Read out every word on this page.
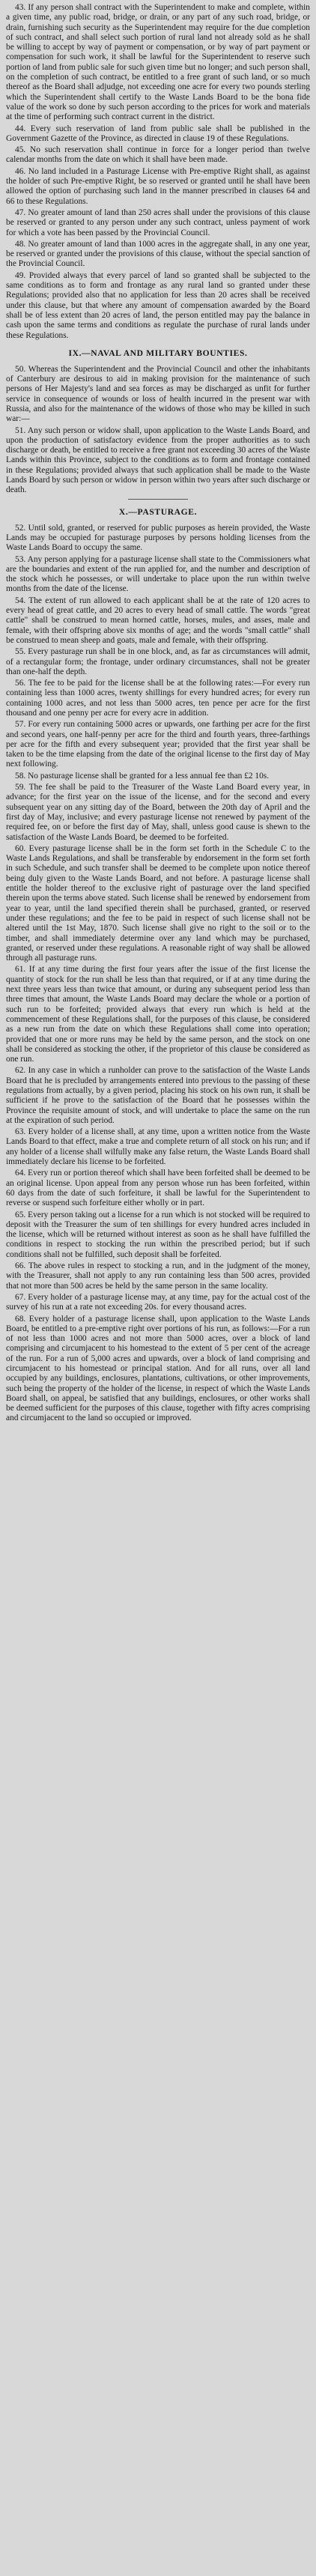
43. If any person shall contract with the Superintendent to make and complete, within a given time, any public road, bridge, or drain, or any part of any such road, bridge, or drain, furnishing such security as the Superintendent may require for the due completion of such contract, and shall select such portion of rural land not already sold as he shall be willing to accept by way of payment or compensation, or by way of part payment or compensation for such work, it shall be lawful for the Superintendent to reserve such portion of land from public sale for such given time but no longer; and such person shall, on the completion of such contract, be entitled to a free grant of such land, or so much thereof as the Board shall adjudge, not exceeding one acre for every two pounds sterling which the Superintendent shall certify to the Waste Lands Board to be the bona fide value of the work so done by such person according to the prices for work and materials at the time of performing such contract current in the district.

44. Every such reservation of land from public sale shall be published in the Government Gazette of the Province, as directed in clause 19 of these Regulations.

45. No such reservation shall continue in force for a longer period than twelve calendar months from the date on which it shall have been made.

46. No land included in a Pasturage License with Pre-emptive Right shall, as against the holder of such Pre-emptive Right, be so reserved or granted until he shall have been allowed the option of purchasing such land in the manner prescribed in clauses 64 and 66 to these Regulations.

47. No greater amount of land than 250 acres shall under the provisions of this clause be reserved or granted to any person under any such contract, unless payment of work for which a vote has been passed by the Provincial Council.

48. No greater amount of land than 1000 acres in the aggregate shall, in any one year, be reserved or granted under the provisions of this clause, without the special sanction of the Provincial Council.

49. Provided always that every parcel of land so granted shall be subjected to the same conditions as to form and frontage as any rural land so granted under these Regulations; provided also that no application for less than 20 acres shall be received under this clause, but that where any amount of compensation awarded by the Board shall be of less extent than 20 acres of land, the person entitled may pay the balance in cash upon the same terms and conditions as regulate the purchase of rural lands under these Regulations.

IX.—NAVAL AND MILITARY BOUNTIES.

50. Whereas the Superintendent and the Provincial Council and other the inhabitants of Canterbury are desirous to aid in making provision for the maintenance of such persons of Her Majesty's land and sea forces as may be discharged as unfit for further service in consequence of wounds or loss of health incurred in the present war with Russia, and also for the maintenance of the widows of those who may be killed in such war:—

51. Any such person or widow shall, upon application to the Waste Lands Board, and upon the production of satisfactory evidence from the proper authorities as to such discharge or death, be entitled to receive a free grant not exceeding 30 acres of the Waste Lands within this Province, subject to the conditions as to form and frontage contained in these Regulations; provided always that such application shall be made to the Waste Lands Board by such person or widow in person within two years after such discharge or death.

X.—PASTURAGE.

52. Until sold, granted, or reserved for public purposes as herein provided, the Waste Lands may be occupied for pasturage purposes by persons holding licenses from the Waste Lands Board to occupy the same.

53. Any person applying for a pasturage license shall state to the Commissioners what are the boundaries and extent of the run applied for, and the number and description of the stock which he possesses, or will undertake to place upon the run within twelve months from the date of the license.

54. The extent of run allowed to each applicant shall be at the rate of 120 acres to every head of great cattle, and 20 acres to every head of small cattle. The words "great cattle" shall be construed to mean horned cattle, horses, mules, and asses, male and female, with their offspring above six months of age; and the words "small cattle" shall be construed to mean sheep and goats, male and female, with their offspring.

55. Every pasturage run shall be in one block, and, as far as circumstances will admit, of a rectangular form; the frontage, under ordinary circumstances, shall not be greater than one-half the depth.

56. The fee to be paid for the license shall be at the following rates:—For every run containing less than 1000 acres, twenty shillings for every hundred acres; for every run containing 1000 acres, and not less than 5000 acres, ten pence per acre for the first thousand and one penny per acre for every acre in addition.

57. For every run containing 5000 acres or upwards, one farthing per acre for the first and second years, one half-penny per acre for the third and fourth years, three-farthings per acre for the fifth and every subsequent year; provided that the first year shall be taken to be the time elapsing from the date of the original license to the first day of May next following.

58. No pasturage license shall be granted for a less annual fee than £2 10s.

59. The fee shall be paid to the Treasurer of the Waste Land Board every year, in advance; for the first year on the issue of the license, and for the second and every subsequent year on any sitting day of the Board, between the 20th day of April and the first day of May, inclusive; and every pasturage license not renewed by payment of the required fee, on or before the first day of May, shall, unless good cause is shewn to the satisfaction of the Waste Lands Board, be deemed to be forfeited.

60. Every pasturage license shall be in the form set forth in the Schedule C to the Waste Lands Regulations, and shall be transferable by endorsement in the form set forth in such Schedule, and such transfer shall be deemed to be complete upon notice thereof being duly given to the Waste Lands Board, and not before. A pasturage license shall entitle the holder thereof to the exclusive right of pasturage over the land specified therein upon the terms above stated. Such license shall be renewed by endorsement from year to year, until the land specified therein shall be purchased, granted, or reserved under these regulations; and the fee to be paid in respect of such license shall not be altered until the 1st May, 1870. Such license shall give no right to the soil or to the timber, and shall immediately determine over any land which may be purchased, granted, or reserved under these regulations. A reasonable right of way shall be allowed through all pasturage runs.

61. If at any time during the first four years after the issue of the first license the quantity of stock for the run shall be less than that required, or if at any time during the next three years less than twice that amount, or during any subsequent period less than three times that amount, the Waste Lands Board may declare the whole or a portion of such run to be forfeited; provided always that every run which is held at the commencement of these Regulations shall, for the purposes of this clause, be considered as a new run from the date on which these Regulations shall come into operation; provided that one or more runs may be held by the same person, and the stock on one shall be considered as stocking the other, if the proprietor of this clause be considered as one run.

62. In any case in which a runholder can prove to the satisfaction of the Waste Lands Board that he is precluded by arrangements entered into previous to the passing of these regulations from actually, by a given period, placing his stock on his own run, it shall be sufficient if he prove to the satisfaction of the Board that he possesses within the Province the requisite amount of stock, and will undertake to place the same on the run at the expiration of such period.

63. Every holder of a license shall, at any time, upon a written notice from the Waste Lands Board to that effect, make a true and complete return of all stock on his run; and if any holder of a license shall wilfully make any false return, the Waste Lands Board shall immediately declare his license to be forfeited.

64. Every run or portion thereof which shall have been forfeited shall be deemed to be an original license. Upon appeal from any person whose run has been forfeited, within 60 days from the date of such forfeiture, it shall be lawful for the Superintendent to reverse or suspend such forfeiture either wholly or in part.

65. Every person taking out a license for a run which is not stocked will be required to deposit with the Treasurer the sum of ten shillings for every hundred acres included in the license, which will be returned without interest as soon as he shall have fulfilled the conditions in respect to stocking the run within the prescribed period; but if such conditions shall not be fulfilled, such deposit shall be forfeited.

66. The above rules in respect to stocking a run, and in the judgment of the money, with the Treasurer, shall not apply to any run containing less than 500 acres, provided that not more than 500 acres be held by the same person in the same locality.

67. Every holder of a pasturage license may, at any time, pay for the actual cost of the survey of his run at a rate not exceeding 20s. for every thousand acres.

68. Every holder of a pasturage license shall, upon application to the Waste Lands Board, be entitled to a pre-emptive right over portions of his run, as follows:—For a run of not less than 1000 acres and not more than 5000 acres, over a block of land comprising and circumjacent to his homestead to the extent of 5 per cent of the acreage of the run. For a run of 5,000 acres and upwards, over a block of land comprising and circumjacent to his homestead or principal station. And for all runs, over all land occupied by any buildings, enclosures, plantations, cultivations, or other improvements, such being the property of the holder of the license, in respect of which the Waste Lands Board shall, on appeal, be satisfied that any buildings, enclosures, or other works shall be deemed sufficient for the purposes of this clause, together with fifty acres comprising and circumjacent to the land so occupied or improved.
